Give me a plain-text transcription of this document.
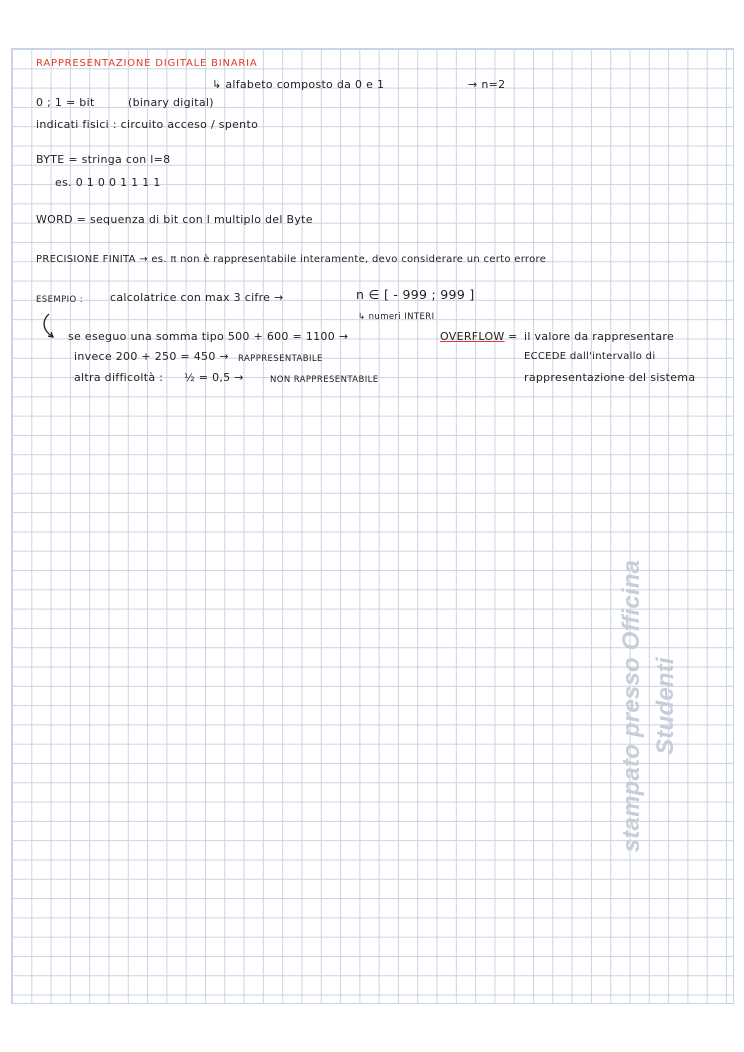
RAPPRESENTAZIONE DIGITALE BINARIA
↳ alfabeto composto da 0 e 1	→ n=2
0 ; 1 = bit	(binary digital)
indicati fisici : circuito acceso / spento
BYTE = stringa con l=8
es. 0 1 0 0 1 1 1 1
WORD = sequenza di bit con l multiplo del Byte
PRECISIONE FINITA → es. π non è rappresentabile interamente, devo considerare un certo errore
ESEMPIO : calcolatrice con max 3 cifre →	n ∈ [ - 999 ; 999 ]
↳ numeri INTERI
se eseguo una somma tipo 500 + 600 = 1100 →	OVERFLOW = il valore da rappresentare
ECCEDE dall'intervallo di
rappresentazione del sistema
invece 200 + 250 = 450 → RAPPRESENTABILE
altra difficoltà : ½ = 0,5 →	NON RAPPRESENTABILE
stampato presso Officina Studenti
